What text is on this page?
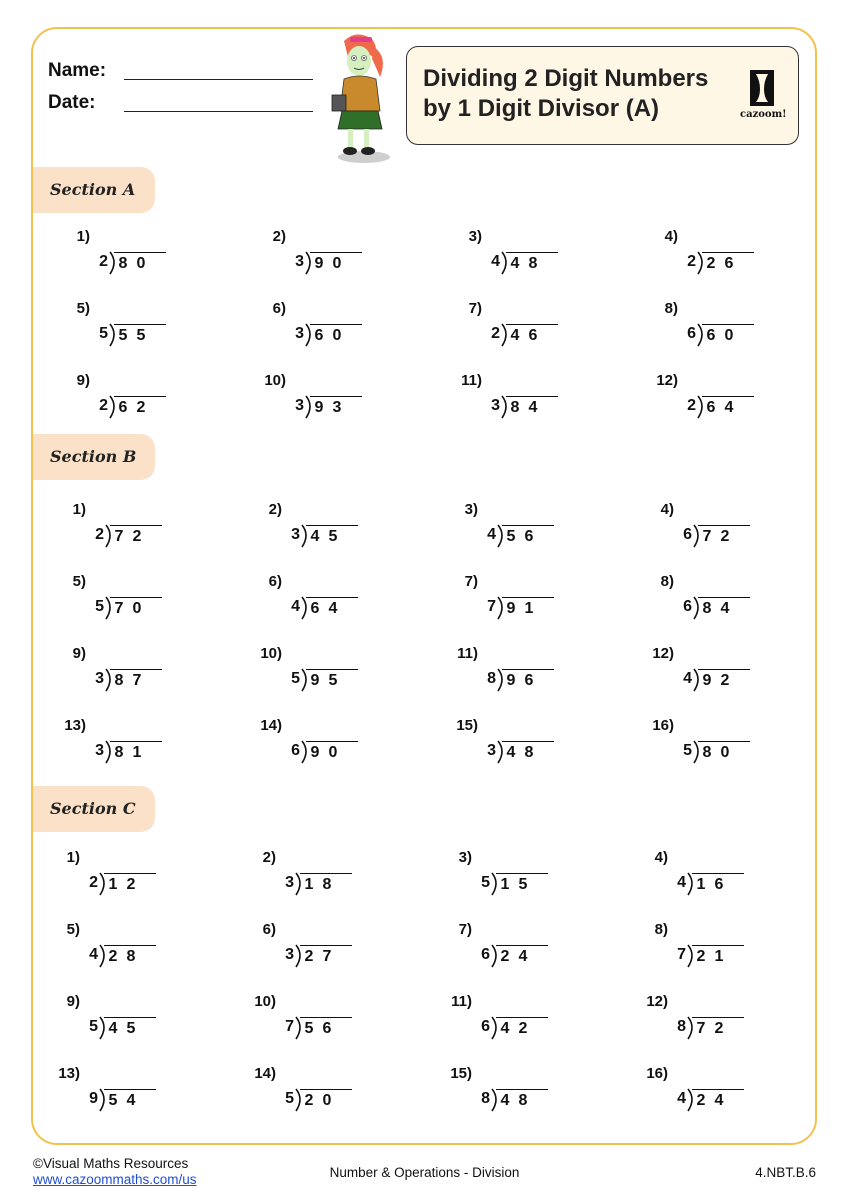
Name:
Date:
Dividing 2 Digit Numbers
by 1 Digit Divisor (A)	cazoom!
Section A
1)
2 8 0
2)
3 9 0
3)
4 4 8
4)
2 2 6
5)
5 5 5
6)
3 6 0
7)
2 4 6
8)
6 6 0
9)
2 6 2
10)
3 9 3
11)
3 8 4
12)
2 6 4
Section B
1)
2 7 2
2)
3 4 5
3)
4 5 6
4)
6 7 2
5)
5 7 0
6)
4 6 4
7)
7 9 1
8)
6 8 4
9)
3 8 7
10)
5 9 5
11)
8 9 6
12)
4 9 2
13)
3 8 1
14)
6 9 0
15)
3 4 8
16)
5 8 0
Section C
1)
2 1 2
2)
3 1 8
3)
5 1 5
4)
4 1 6
5)
4 2 8
6)
3 2 7
7)
6 2 4
8)
7 2 1
9)
5 4 5
10)
7 5 6
11)
6 4 2
12)
8 7 2
13)
9 5 4
14)
5 2 0
15)
8 4 8
16)
4 2 4
©Visual Maths Resources
www.cazoommaths.com/us	Number & Operations - Division	4.NBT.B.6
